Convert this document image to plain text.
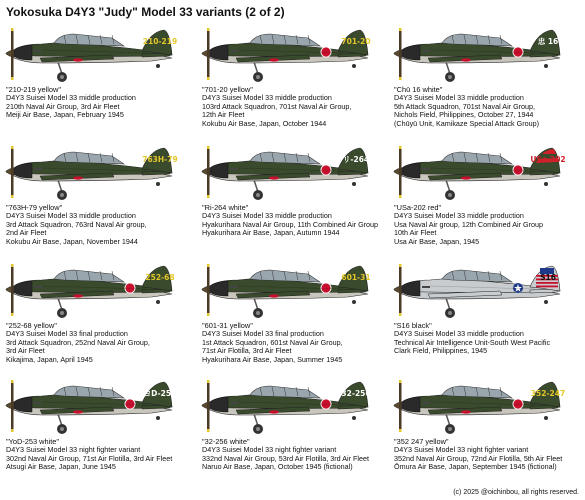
Yokosuka D4Y3 "Judy" Model 33 variants (2 of 2)
210-219
"210-219 yellow"
D4Y3 Suisei Model 33 middle production
210th Naval Air Group, 3rd Air Fleet
Meiji Air Base, Japan, February 1945
701-20
"701-20 yellow"
D4Y3 Suisei Model 33 middle production
103rd Attack Squadron, 701st Naval Air Group,
12th Air Fleet
Kokubu Air Base, Japan, October 1944
忠 16
"Chū 16 white"
D4Y3 Suisei Model 33 middle production
5th Attack Squadron, 701st Naval Air Group,
Nichols Field, Philippines, October 27, 1944
(Chūyū Unit, Kamikaze Special Attack Group)
763H-79
"763H-79 yellow"
D4Y3 Suisei Model 33 middle production
3rd Attack Squadron, 763rd Naval Air group,
2nd Air Fleet
Kokubu Air Base, Japan, November 1944
リ-264
"Ri-264 white"
D4Y3 Suisei Model 33 middle production
Hyakurihara Naval Air Group, 11th Combined Air Group
Hyakurihara Air Base, Japan, Autumn 1944
USa-202
"USa-202 red"
D4Y3 Suisei Model 33 middle production
Usa Naval Air group, 12th Combined Air Group
10th Air Fleet
Usa Air Base, Japan, 1945
252-68
"252-68 yellow"
D4Y3 Suisei Model 33 final production
3rd Attack Squadron, 252nd Naval Air Group,
3rd Air Fleet
Kikajima, Japan, April 1945
601-31
"601-31 yellow"
D4Y3 Suisei Model 33 final production
1st Attack Squadron, 601st Naval Air Group,
71st Air Flotilla, 3rd Air Fleet
Hyakurihara Air Base, Japan, Summer 1945
S16
"S16 black"
D4Y3 Suisei Model 33 middle production
Technical Air Intelligence Unit-South West Pacific
Clark Field, Philippines, 1945
ヨD-253
"YoD-253 white"
D4Y3 Suisei Model 33 night fighter variant
302nd Naval Air Group, 71st Air Flotilla, 3rd Air Fleet
Atsugi Air Base, Japan, June 1945
32-256
"32-256 white"
D4Y3 Suisei Model 33 night fighter variant
332nd Naval Air Group, 53rd Air Flotilla, 3rd Air Fleet
Naruo Air Base, Japan, October 1945 (fictional)
352-247
"352 247 yellow"
D4Y3 Suisei Model 33 night fighter variant
352nd Naval Air Group, 72nd Air Flotilla, 5th Air Fleet
Ōmura Air Base, Japan, September 1945 (fictional)
(c) 2025 @oichinbou, all rights reserved.
